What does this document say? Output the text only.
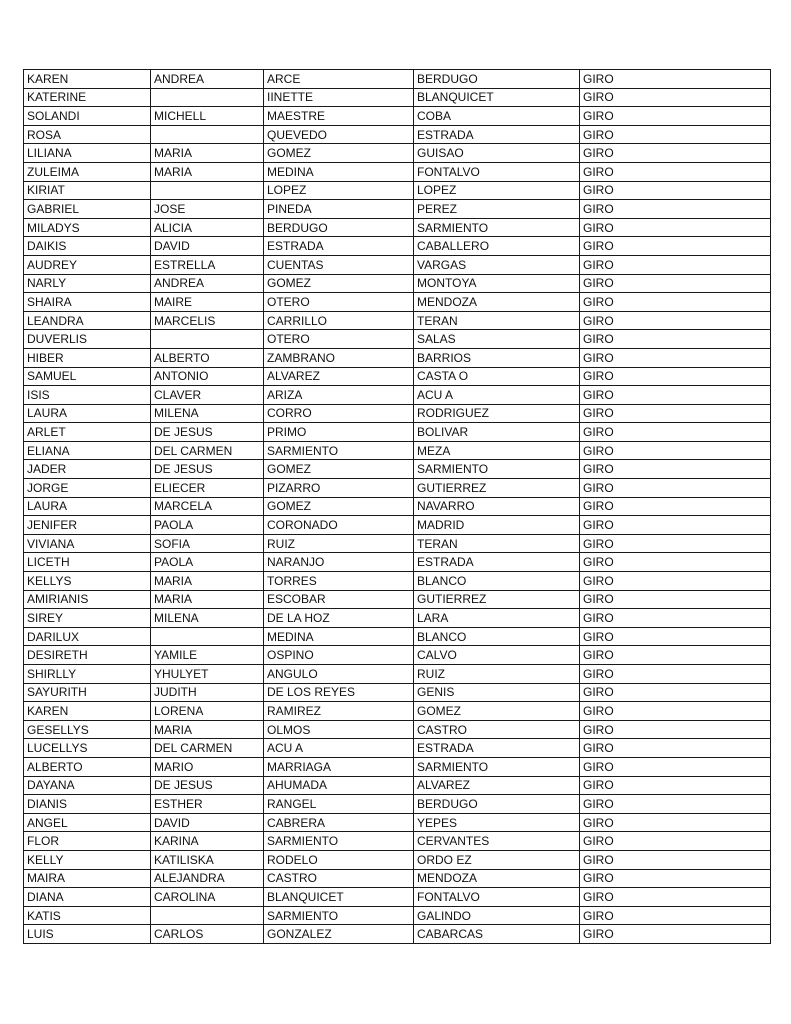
KAREN	ANDREA	ARCE	BERDUGO	GIRO
KATERINE		IINETTE	BLANQUICET	GIRO
SOLANDI	MICHELL	MAESTRE	COBA	GIRO
ROSA		QUEVEDO	ESTRADA	GIRO
LILIANA	MARIA	GOMEZ	GUISAO	GIRO
ZULEIMA	MARIA	MEDINA	FONTALVO	GIRO
KIRIAT		LOPEZ	LOPEZ	GIRO
GABRIEL	JOSE	PINEDA	PEREZ	GIRO
MILADYS	ALICIA	BERDUGO	SARMIENTO	GIRO
DAIKIS	DAVID	ESTRADA	CABALLERO	GIRO
AUDREY	ESTRELLA	CUENTAS	VARGAS	GIRO
NARLY	ANDREA	GOMEZ	MONTOYA	GIRO
SHAIRA	MAIRE	OTERO	MENDOZA	GIRO
LEANDRA	MARCELIS	CARRILLO	TERAN	GIRO
DUVERLIS		OTERO	SALAS	GIRO
HIBER	ALBERTO	ZAMBRANO	BARRIOS	GIRO
SAMUEL	ANTONIO	ALVAREZ	CASTA O	GIRO
ISIS	CLAVER	ARIZA	ACU A	GIRO
LAURA	MILENA	CORRO	RODRIGUEZ	GIRO
ARLET	DE JESUS	PRIMO	BOLIVAR	GIRO
ELIANA	DEL CARMEN	SARMIENTO	MEZA	GIRO
JADER	DE JESUS	GOMEZ	SARMIENTO	GIRO
JORGE	ELIECER	PIZARRO	GUTIERREZ	GIRO
LAURA	MARCELA	GOMEZ	NAVARRO	GIRO
JENIFER	PAOLA	CORONADO	MADRID	GIRO
VIVIANA	SOFIA	RUIZ	TERAN	GIRO
LICETH	PAOLA	NARANJO	ESTRADA	GIRO
KELLYS	MARIA	TORRES	BLANCO	GIRO
AMIRIANIS	MARIA	ESCOBAR	GUTIERREZ	GIRO
SIREY	MILENA	DE LA HOZ	LARA	GIRO
DARILUX		MEDINA	BLANCO	GIRO
DESIRETH	YAMILE	OSPINO	CALVO	GIRO
SHIRLLY	YHULYET	ANGULO	RUIZ	GIRO
SAYURITH	JUDITH	DE LOS REYES	GENIS	GIRO
KAREN	LORENA	RAMIREZ	GOMEZ	GIRO
GESELLYS	MARIA	OLMOS	CASTRO	GIRO
LUCELLYS	DEL CARMEN	ACU A	ESTRADA	GIRO
ALBERTO	MARIO	MARRIAGA	SARMIENTO	GIRO
DAYANA	DE JESUS	AHUMADA	ALVAREZ	GIRO
DIANIS	ESTHER	RANGEL	BERDUGO	GIRO
ANGEL	DAVID	CABRERA	YEPES	GIRO
FLOR	KARINA	SARMIENTO	CERVANTES	GIRO
KELLY	KATILISKA	RODELO	ORDO EZ	GIRO
MAIRA	ALEJANDRA	CASTRO	MENDOZA	GIRO
DIANA	CAROLINA	BLANQUICET	FONTALVO	GIRO
KATIS		SARMIENTO	GALINDO	GIRO
LUIS	CARLOS	GONZALEZ	CABARCAS	GIRO
